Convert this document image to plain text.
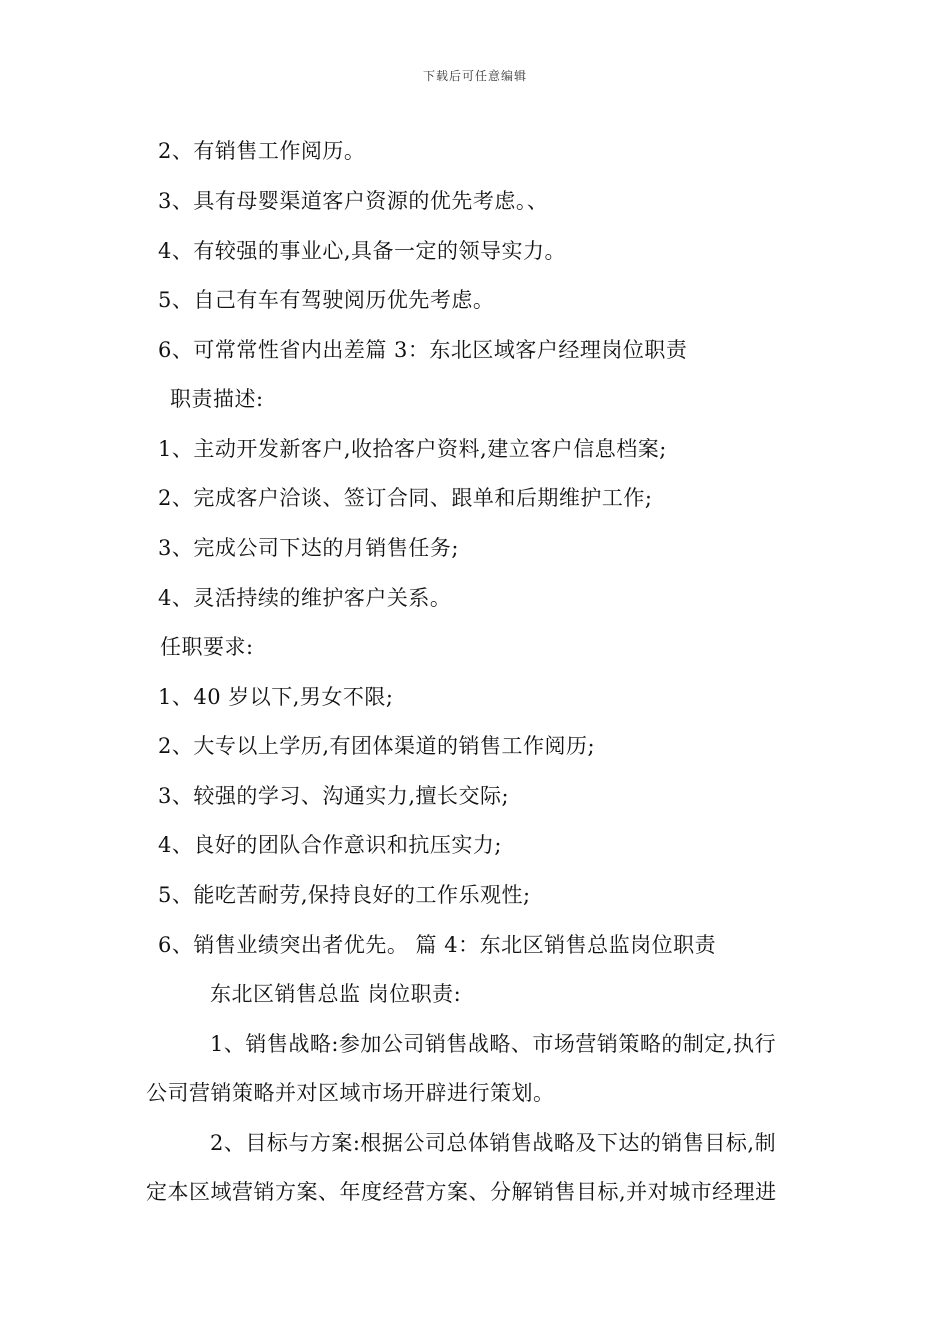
下载后可任意编辑
2、有销售工作阅历。
3、具有母婴渠道客户资源的优先考虑。、
4、有较强的事业心,具备一定的领导实力。
5、自己有车有驾驶阅历优先考虑。
6、可常常性省内出差篇 3：东北区域客户经理岗位职责
职责描述:
1、主动开发新客户,收拾客户资料,建立客户信息档案;
2、完成客户洽谈、签订合同、跟单和后期维护工作;
3、完成公司下达的月销售任务;
4、灵活持续的维护客户关系。
任职要求:
1、40 岁以下,男女不限;
2、大专以上学历,有团体渠道的销售工作阅历;
3、较强的学习、沟通实力,擅长交际;
4、良好的团队合作意识和抗压实力;
5、能吃苦耐劳,保持良好的工作乐观性;
6、销售业绩突出者优先。 篇 4：东北区销售总监岗位职责
东北区销售总监 岗位职责:
1、销售战略:参加公司销售战略、市场营销策略的制定,执行
公司营销策略并对区域市场开辟进行策划。
2、目标与方案:根据公司总体销售战略及下达的销售目标,制
定本区域营销方案、年度经营方案、分解销售目标,并对城市经理进
